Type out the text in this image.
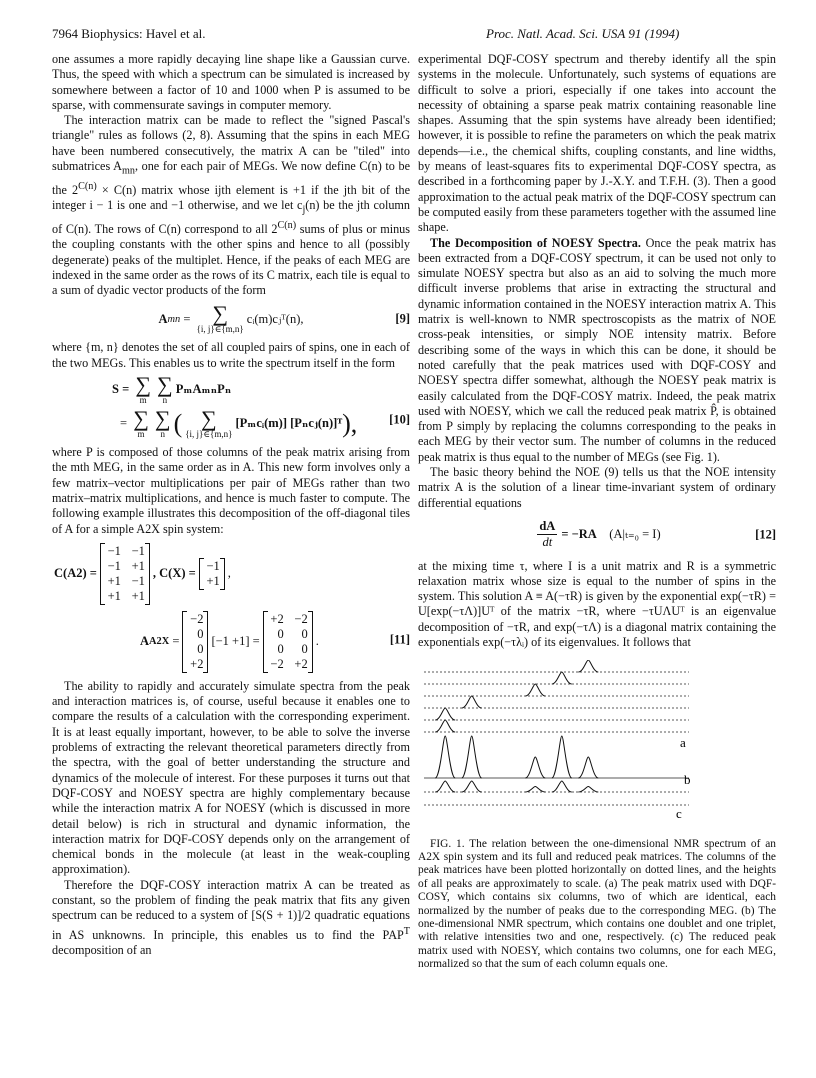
7964 Biophysics: Havel et al.	Proc. Natl. Acad. Sci. USA 91 (1994)

one assumes a more rapidly decaying line shape like a Gaussian curve. Thus, the speed with which a spectrum can be simulated is increased by somewhere between a factor of 10 and 1000 when P is assumed to be sparse, with commensurate savings in computer memory.

The interaction matrix can be made to reflect the "signed Pascal's triangle" rules as follows (2, 8). Assuming that the spins in each MEG have been numbered consecutively, the matrix A can be "tiled" into submatrices $A_{mn}$, one for each pair of MEGs. We now define C(n) to be the $2^{C(n)} \times C(n)$ matrix whose ijth element is +1 if the jth bit of the integer i − 1 is one and −1 otherwise, and we let $c_j(n)$ be the jth column of C(n). The rows of C(n) correspond to all $2^{C(n)}$ sums of plus or minus the coupling constants with the other spins and hence to all (possibly degenerate) peaks of the multiplet. Hence, if the peaks of each MEG are indexed in the same order as the rows of its C matrix, each tile is equal to a sum of dyadic vector products of the form

A mn
=
∑
{i, j}∈{m,n}
cᵢ(m)cⱼᵀ(n),	[9]

where {m, n} denotes the set of all coupled pairs of spins, one in each of the two MEGs. This enables us to write the spectrum itself in the form

S =
∑
m
∑
n
PₘAₘₙPₙ
=
∑
m
∑
n ( ∑
{i, j}∈{m,n}
[Pₘcᵢ(m)] [Pₙcⱼ(n)]ᵀ ),	[10]

where P is composed of those columns of the peak matrix arising from the mth MEG, in the same order as in A. This new form involves only a few matrix–vector multiplications per pair of MEGs rather than two matrix–matrix multiplications, and hence is much faster to compute. The following example illustrates this decomposition of the off-diagonal tiles of A for a simple A2X spin system:

C(A2) =
−1 −1
−1 +1
+1 −1
+1 +1
, C(X) =
−1
+1
,
A A2X =
−2
0
0
+2
[−1 +1] =
+2 −2
0	0
0	0
−2 +2
.	[11]

The ability to rapidly and accurately simulate spectra from the peak and interaction matrices is, of course, useful because it enables one to compare the results of a calculation with the corresponding experiment. It is at least equally important, however, to be able to solve the inverse problems of extracting the relevant theoretical parameters directly from the spectra, with the goal of better understanding the structure and dynamics of the molecule of interest. For these purposes it turns out that DQF-COSY and NOESY spectra are highly complementary because while the interaction matrix A for NOESY (which is discussed in more detail below) is rich in structural and dynamic information, the interaction matrix for DQF-COSY depends only on the arrangement of chemical bonds in the molecule (at least in the weak-coupling approximation).

Therefore the DQF-COSY interaction matrix A can be treated as constant, so the problem of finding the peak matrix that fits any given spectrum can be reduced to a system of [S(S + 1)]/2 quadratic equations in AS unknowns. In principle, this enables us to find the $PAP^T$ decomposition of an

experimental DQF-COSY spectrum and thereby identify all the spin systems in the molecule. Unfortunately, such systems of equations are difficult to solve a priori, especially if one takes into account the necessity of obtaining a sparse peak matrix containing reasonable line shapes. Assuming that the spin systems have already been identified; however, it is possible to refine the parameters on which the peak matrix depends—i.e., the chemical shifts, coupling constants, and line widths, by means of least-squares fits to experimental DQF-COSY spectra, as described in a forthcoming paper by J.-X.Y. and T.F.H. (3). Then a good approximation to the actual peak matrix of the DQF-COSY spectrum can be computed easily from these parameters together with the assumed line shape.

The Decomposition of NOESY Spectra. Once the peak matrix has been extracted from a DQF-COSY spectrum, it can be used not only to simulate NOESY spectra but also as an aid to solving the much more difficult inverse problems that arise in extracting the structural and dynamic information contained in the NOESY interaction matrix A. This matrix is well-known to NMR spectroscopists as the matrix of NOE cross-peak intensities, or simply NOE intensity matrix. Before describing some of the ways in which this can be done, it should be noted carefully that the peak matrices used with DQF-COSY and NOESY spectra differ somewhat, although the NOESY peak matrix is easily calculated from the DQF-COSY matrix. Indeed, the peak matrix used with NOESY, which we call the reduced peak matrix P̂, is obtained from P simply by replacing the columns corresponding to the peaks in each MEG by their vector sum. The number of columns in the reduced peak matrix is thus equal to the number of MEGs (see Fig. 1).

The basic theory behind the NOE (9) tells us that the NOE intensity matrix A is the solution of a linear time-invariant system of ordinary differential equations

$\frac{dA}{dt} = -RA$
(A|ₜ₌₀ = I)	[12]

at the mixing time τ, where I is a unit matrix and R is a symmetric relaxation matrix whose size is equal to the number of spins in the system. This solution A ≡ A(−τR) is given by the exponential exp(−τR) = U[exp(−τΛ)]Uᵀ of the matrix −τR, where −τUΛUᵀ is an eigenvalue decomposition of −τR, and exp(−τΛ) is a diagonal matrix containing the exponentials exp(−τλᵢ) of its eigenvalues. It follows that

a
b
c

FIG. 1. The relation between the one-dimensional NMR spectrum of an A2X spin system and its full and reduced peak matrices. The columns of the peak matrices have been plotted horizontally on dotted lines, and the heights of all peaks are approximately to scale. (a) The peak matrix used with DQF-COSY, which contains six columns, two of which are identical, each normalized by the number of peaks due to the corresponding MEG. (b) The one-dimensional NMR spectrum, which contains one doublet and one triplet, with relative intensities two and one, respectively. (c) The reduced peak matrix used with NOESY, which contains two columns, one for each MEG, normalized so that the sum of each column equals one.
